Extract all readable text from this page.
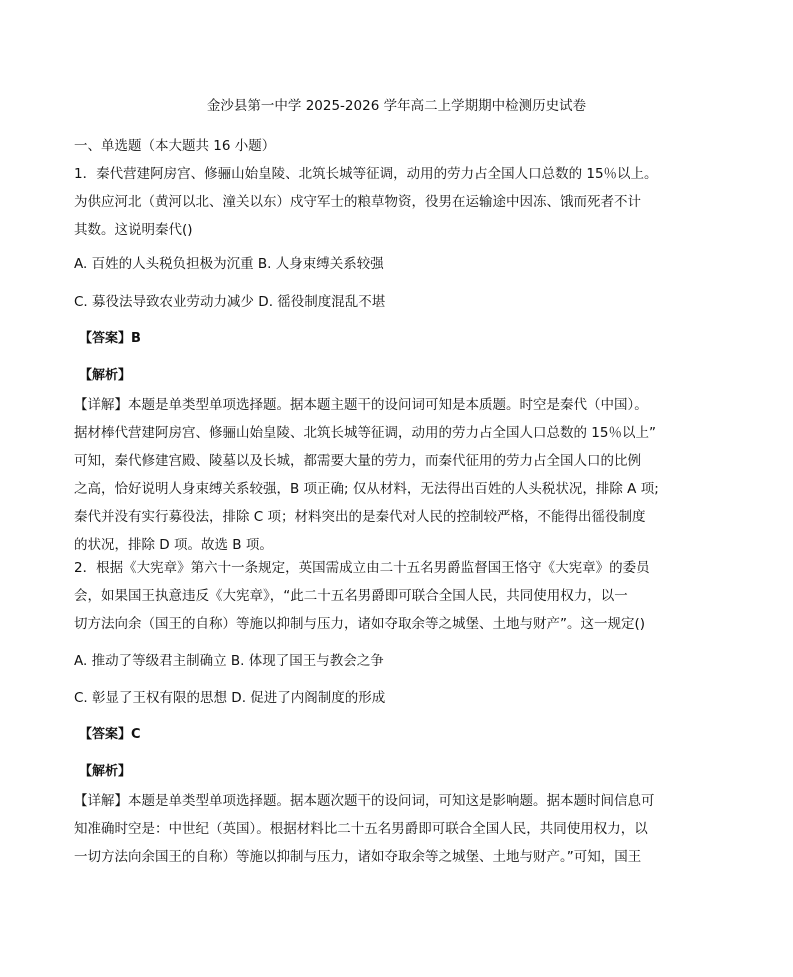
金沙县第一中学 2025-2026 学年高二上学期期中检测历史试卷
一、单选题（本大题共 16 小题）
1．秦代营建阿房宫、修骊山始皇陵、北筑长城等征调，动用的劳力占全国人口总数的 15％以上。
为供应河北（黄河以北、潼关以东）戍守军士的粮草物资，役男在运输途中因冻、饿而死者不计
其数。这说明秦代()
A. 百姓的人头税负担极为沉重 B. 人身束缚关系较强
C. 募役法导致农业劳动力减少 D. 徭役制度混乱不堪
【答案】B
【解析】
【详解】本题是单类型单项选择题。据本题主题干的设问词可知是本质题。时空是秦代（中国）。
据材棒代营建阿房宫、修骊山始皇陵、北筑长城等征调，动用的劳力占全国人口总数的 15％以上”
可知，秦代修建宫殿、陵墓以及长城，都需要大量的劳力，而秦代征用的劳力占全国人口的比例
之高，恰好说明人身束缚关系较强，B 项正确; 仅从材料，无法得出百姓的人头税状况，排除 A 项;
秦代并没有实行募役法，排除 C 项；材料突出的是秦代对人民的控制较严格，不能得出徭役制度
的状况，排除 D 项。故选 B 项。
2．根据《大宪章》第六十一条规定，英国需成立由二十五名男爵监督国王恪守《大宪章》的委员
会，如果国王执意违反《大宪章》，“此二十五名男爵即可联合全国人民，共同使用权力，以一
切方法向余（国王的自称）等施以抑制与压力，诸如夺取余等之城堡、土地与财产”。这一规定()
A. 推动了等级君主制确立 B. 体现了国王与教会之争
C. 彰显了王权有限的思想 D. 促进了内阁制度的形成
【答案】C
【解析】
【详解】本题是单类型单项选择题。据本题次题干的设问词，可知这是影响题。据本题时间信息可
知准确时空是：中世纪（英国）。根据材料比二十五名男爵即可联合全国人民，共同使用权力，以
一切方法向余国王的自称）等施以抑制与压力，诸如夺取余等之城堡、土地与财产。”可知，国王
